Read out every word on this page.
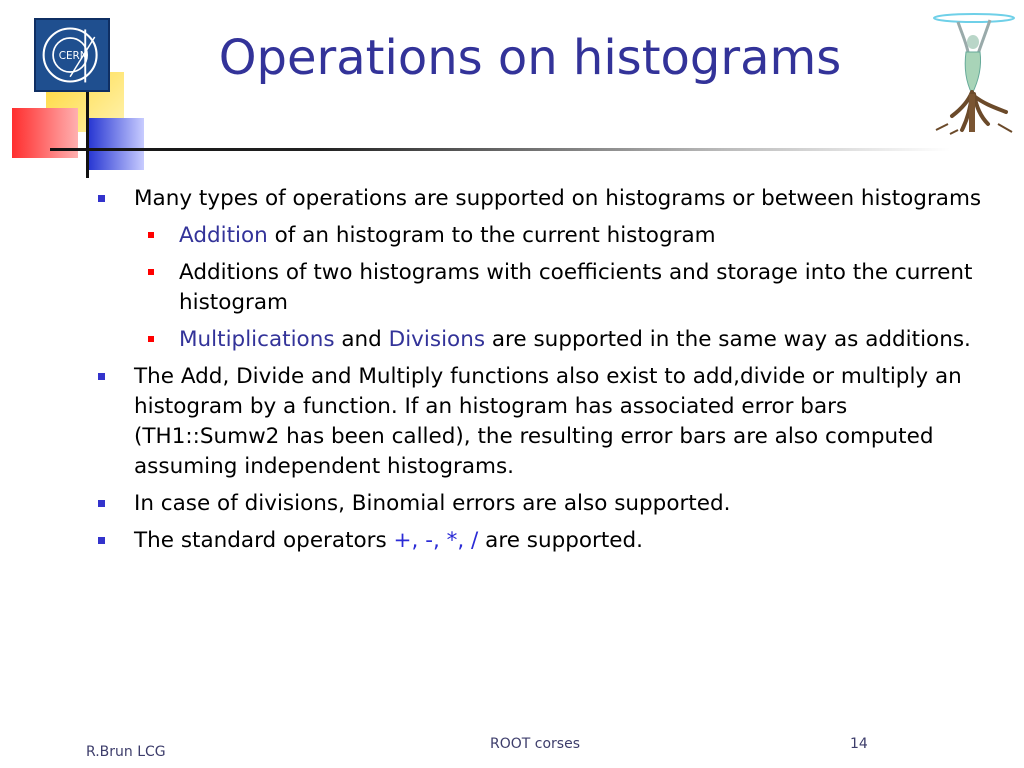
CERN	Operations on histograms
Many types of operations are supported on histograms or between histograms
Addition of an histogram to the current histogram
Additions of two histograms with coefficients and storage into the current histogram
Multiplications and Divisions are supported in the same way as additions.
The Add, Divide and Multiply functions also exist to add,divide or multiply an histogram by a function. If an histogram has associated error bars (TH1::Sumw2 has been called), the resulting error bars are also computed assuming independent histograms.
In case of divisions, Binomial errors are also supported.
The standard operators +, -, *, / are supported.
R.Brun LCG	ROOT corses	14
